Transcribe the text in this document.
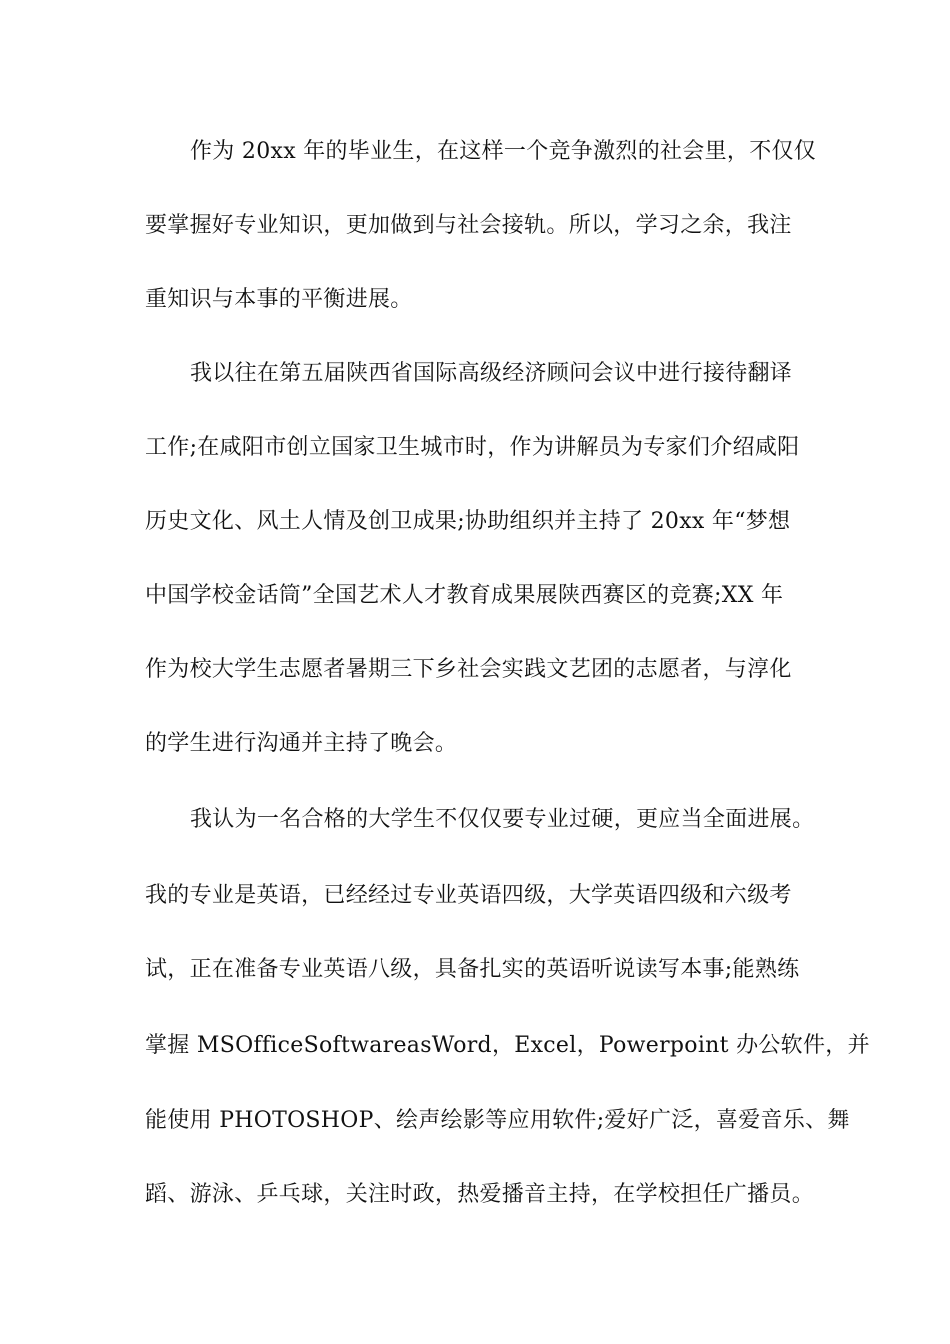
作为 20xx 年的毕业生，在这样一个竞争激烈的社会里，不仅仅
要掌握好专业知识，更加做到与社会接轨。所以，学习之余，我注
重知识与本事的平衡进展。
我以往在第五届陕西省国际高级经济顾问会议中进行接待翻译
工作;在咸阳市创立国家卫生城市时，作为讲解员为专家们介绍咸阳
历史文化、风土人情及创卫成果;协助组织并主持了 20xx 年“梦想
中国学校金话筒”全国艺术人才教育成果展陕西赛区的竞赛;XX 年
作为校大学生志愿者暑期三下乡社会实践文艺团的志愿者，与淳化
的学生进行沟通并主持了晚会。
我认为一名合格的大学生不仅仅要专业过硬，更应当全面进展。
我的专业是英语，已经经过专业英语四级，大学英语四级和六级考
试，正在准备专业英语八级，具备扎实的英语听说读写本事;能熟练
掌握 MSOfficeSoftwareasWord，Excel，Powerpoint 办公软件，并
能使用 PHOTOSHOP、绘声绘影等应用软件;爱好广泛，喜爱音乐、舞
蹈、游泳、乒乓球，关注时政，热爱播音主持，在学校担任广播员。
